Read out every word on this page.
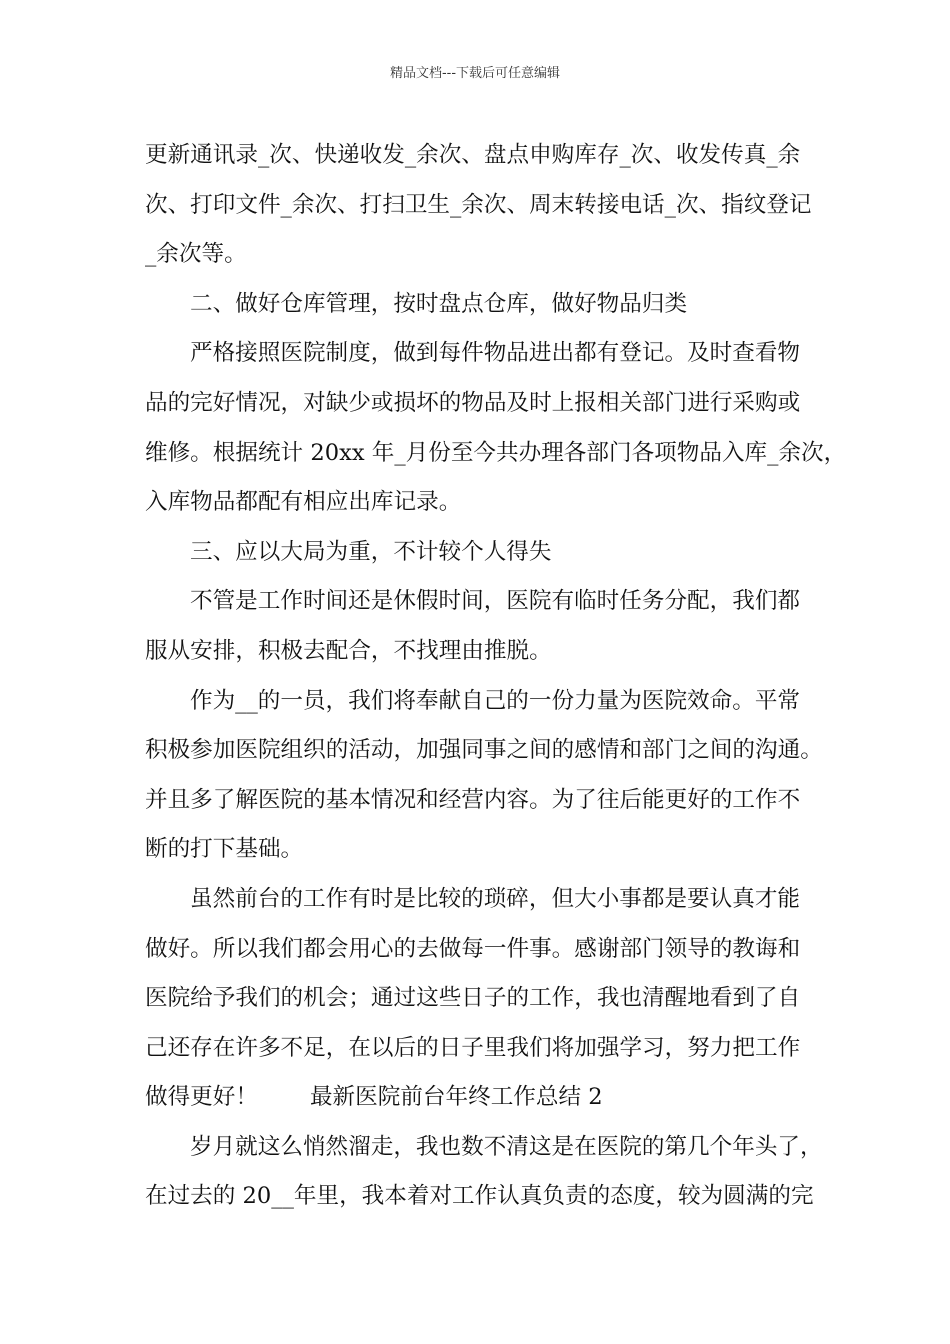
精品文档---下载后可任意编辑
更新通讯录_次、快递收发_余次、盘点申购库存_次、收发传真_余
次、打印文件_余次、打扫卫生_余次、周末转接电话_次、指纹登记
_余次等。
二、做好仓库管理，按时盘点仓库，做好物品归类
严格接照医院制度，做到每件物品进出都有登记。及时查看物
品的完好情况，对缺少或损坏的物品及时上报相关部门进行采购或
维修。根据统计 20xx 年_月份至今共办理各部门各项物品入库_余次，
入库物品都配有相应出库记录。
三、应以大局为重，不计较个人得失
不管是工作时间还是休假时间，医院有临时任务分配，我们都
服从安排，积极去配合，不找理由推脱。
作为__的一员，我们将奉献自己的一份力量为医院效命。平常
积极参加医院组织的活动，加强同事之间的感情和部门之间的沟通。
并且多了解医院的基本情况和经营内容。为了往后能更好的工作不
断的打下基础。
虽然前台的工作有时是比较的琐碎，但大小事都是要认真才能
做好。所以我们都会用心的去做每一件事。感谢部门领导的教诲和
医院给予我们的机会；通过这些日子的工作，我也清醒地看到了自
己还存在许多不足，在以后的日子里我们将加强学习，努力把工作
做得更好！ 最新医院前台年终工作总结 2
岁月就这么悄然溜走，我也数不清这是在医院的第几个年头了，
在过去的 20__年里，我本着对工作认真负责的态度，较为圆满的完
